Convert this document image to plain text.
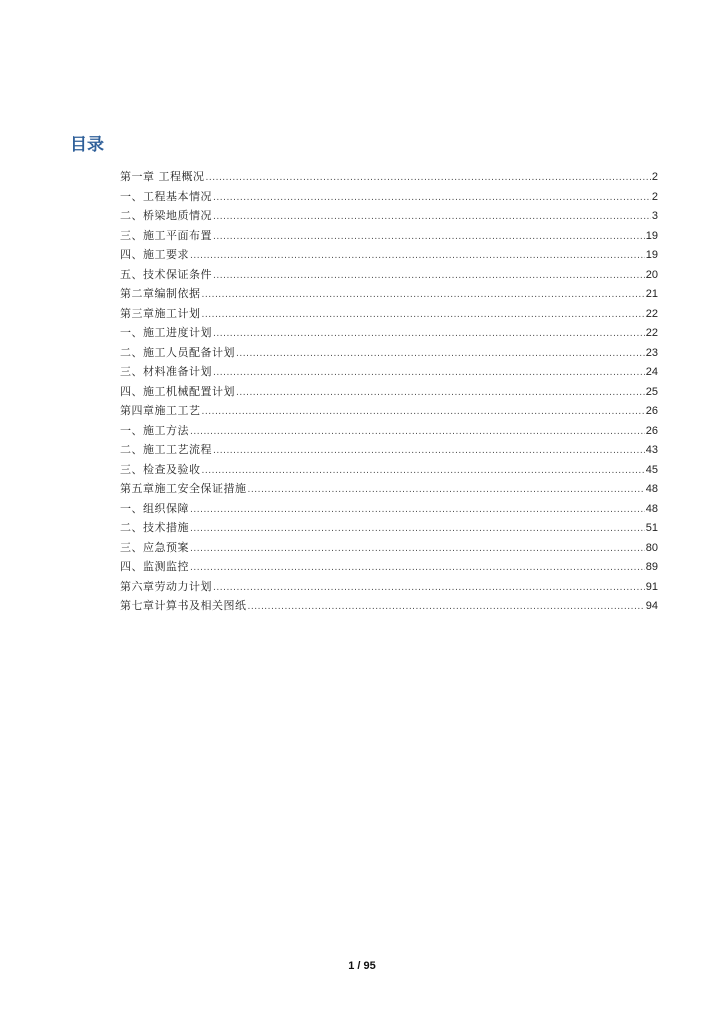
目录
第一章 工程概况 .....	2
一、工程基本情况 .....	2
二、桥梁地质情况 .....	3
三、施工平面布置 .....	19
四、施工要求 .....	19
五、技术保证条件 .....	20
第二章编制依据 .....	21
第三章施工计划 .....	22
一、施工进度计划 .....	22
二、施工人员配备计划 .....	23
三、材料准备计划 .....	24
四、施工机械配置计划 .....	25
第四章施工工艺 .....	26
一、施工方法 .....	26
二、施工工艺流程 .....	43
三、检查及验收 .....	45
第五章施工安全保证措施 .....	48
一、组织保障 .....	48
二、技术措施 .....	51
三、应急预案 .....	80
四、监测监控 .....	89
第六章劳动力计划 .....	91
第七章计算书及相关图纸 .....	94
1 / 95
